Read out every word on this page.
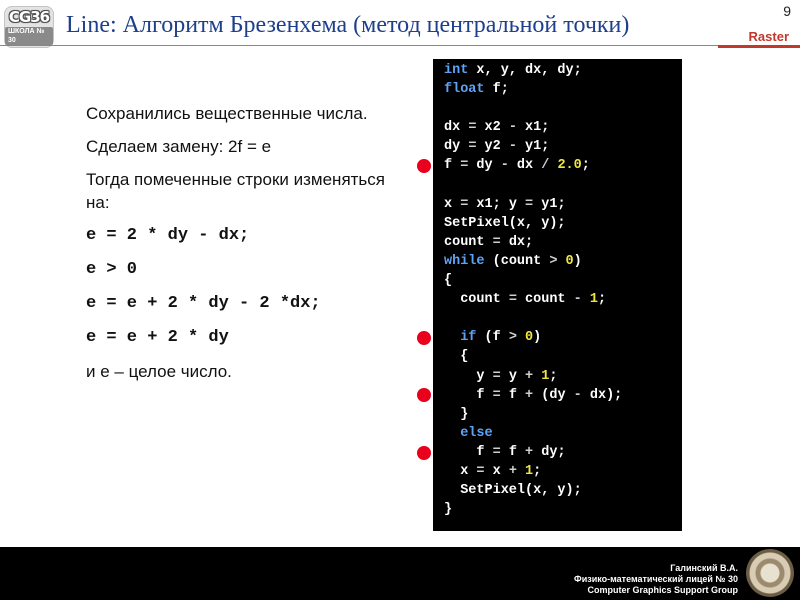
CG36
ШКОЛА № 30
Line: Алгоритм Брезенхема (метод центральной точки)
9
Raster

Сохранились вещественные числа.

Сделаем замену: 2f = e

Тогда помеченные строки изменяться на:

e = 2 * dy - dx;

e > 0

e = e + 2 * dy - 2 *dx;

e = e + 2 * dy

и e – целое число.

int x, y, dx, dy;
float f;
dx = x2 - x1;
dy = y2 - y1;
f = dy - dx / 2.0;
x = x1; y = y1;
SetPixel(x, y);
count = dx;
while (count > 0)
{
count = count - 1;
if (f > 0)
{
y = y + 1;
f = f + (dy - dx);
}
else
f = f + dy;
x = x + 1;
SetPixel(x, y);
}
Галинский В.А.
Физико-математический лицей № 30
Computer Graphics Support Group
